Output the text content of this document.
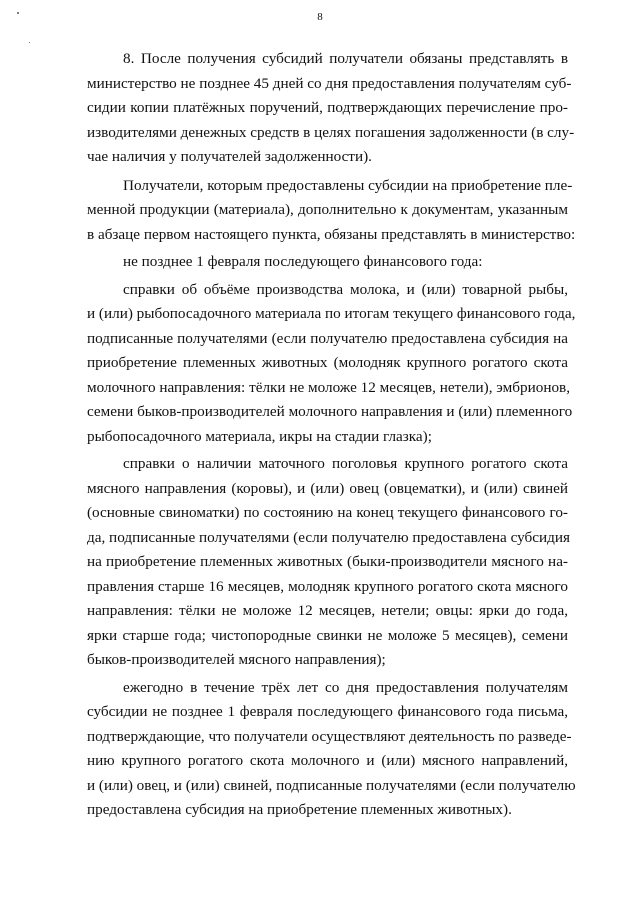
8

8. После получения субсидий получатели обязаны представлять в
министерство не позднее 45 дней со дня предоставления получателям суб-
сидии копии платёжных поручений, подтверждающих перечисление про-
изводителями денежных средств в целях погашения задолженности (в слу-
чае наличия у получателей задолженности).

Получатели, которым предоставлены субсидии на приобретение пле-
менной продукции (материала), дополнительно к документам, указанным
в абзаце первом настоящего пункта, обязаны представлять в министерство:

не позднее 1 февраля последующего финансового года:

справки об объёме производства молока, и (или) товарной рыбы,
и (или) рыбопосадочного материала по итогам текущего финансового года,
подписанные получателями (если получателю предоставлена субсидия на
приобретение племенных животных (молодняк крупного рогатого скота
молочного направления: тёлки не моложе 12 месяцев, нетели), эмбрионов,
семени быков-производителей молочного направления и (или) племенного
рыбопосадочного материала, икры на стадии глазка);

справки о наличии маточного поголовья крупного рогатого скота
мясного направления (коровы), и (или) овец (овцематки), и (или) свиней
(основные свиноматки) по состоянию на конец текущего финансового го-
да, подписанные получателями (если получателю предоставлена субсидия
на приобретение племенных животных (быки-производители мясного на-
правления старше 16 месяцев, молодняк крупного рогатого скота мясного
направления: тёлки не моложе 12 месяцев, нетели; овцы: ярки до года,
ярки старше года; чистопородные свинки не моложе 5 месяцев), семени
быков-производителей мясного направления);

ежегодно в течение трёх лет со дня предоставления получателям
субсидии не позднее 1 февраля последующего финансового года письма,
подтверждающие, что получатели осуществляют деятельность по разведе-
нию крупного рогатого скота молочного и (или) мясного направлений,
и (или) овец, и (или) свиней, подписанные получателями (если получателю
предоставлена субсидия на приобретение племенных животных).
